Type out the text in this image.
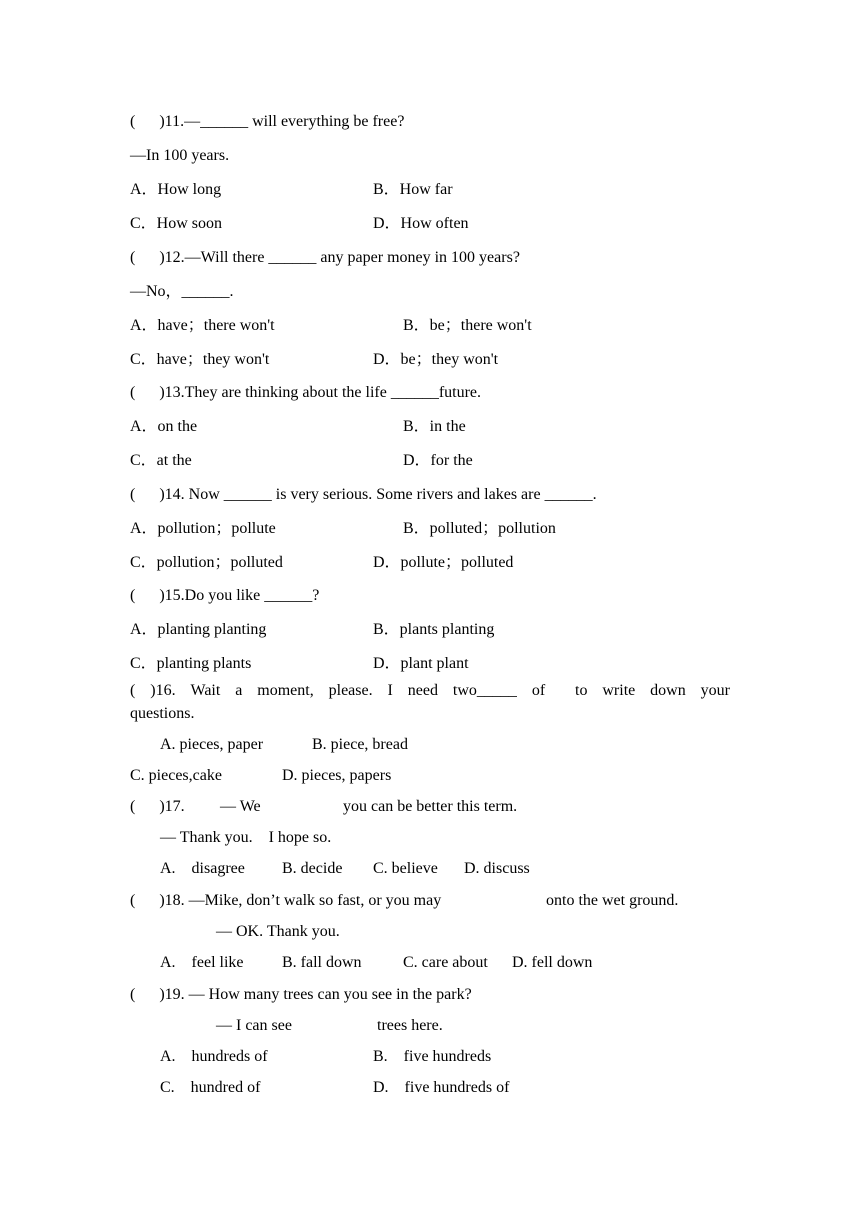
(      )11.—______ will everything be free?
—In 100 years.
A．How long	B．How far
C．How soon	D．How often
(      )12.—Will there ______ any paper money in 100 years?
—No，______.
A．have；there won't	B．be；there won't
C．have；they won't	D．be；they won't
(      )13.They are thinking about the life ______future.
A．on the	B．in the
C．at the	D．for the
(      )14. Now ______ is very serious. Some rivers and lakes are ______.
A．pollution；pollute	B．polluted；pollution
C．pollution；polluted	D．pollute；polluted
(      )15.Do you like ______?
A．planting planting	B．plants planting
C．planting plants	D．plant plant
( )16. Wait a moment, please. I need two_____ of to write down your
questions.
A. pieces, paper	B. piece, bread
C. pieces,cake	D. pieces, papers
(      )17. — We	you can be better this term.
— Thank you.    I hope so.
A.    disagree B. decide C. believe D. discuss
(      )18. —Mike, don’t walk so fast, or you may	onto the wet ground.
— OK. Thank you.
A.    feel like B. fall down	C. care about D. fell down
(      )19. — How many trees can you see in the park?
— I can see	trees here.
A.    hundreds of	B.    five hundreds
C.    hundred of	D.    five hundreds of
